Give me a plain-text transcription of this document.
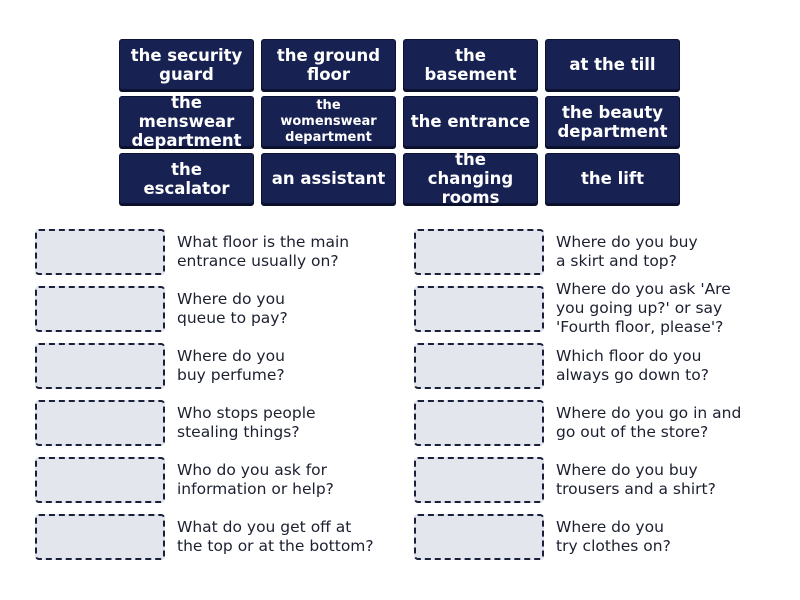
the security
guard
the ground
floor
the basement	at the till
the menswear
department
the womenswear
department
the entrance the beauty
department
the escalator	an assistant
the changing
rooms
the lift
What floor is the main
entrance usually on?
Where do you
queue to pay?
Where do you
buy perfume?
Who stops people
stealing things?
Who do you ask for
information or help?
What do you get off at
the top or at the bottom?
Where do you buy
a skirt and top?
Where do you ask 'Are
you going up?' or say
'Fourth floor, please'?
Which floor do you
always go down to?
Where do you go in and
go out of the store?
Where do you buy
trousers and a shirt?
Where do you
try clothes on?
